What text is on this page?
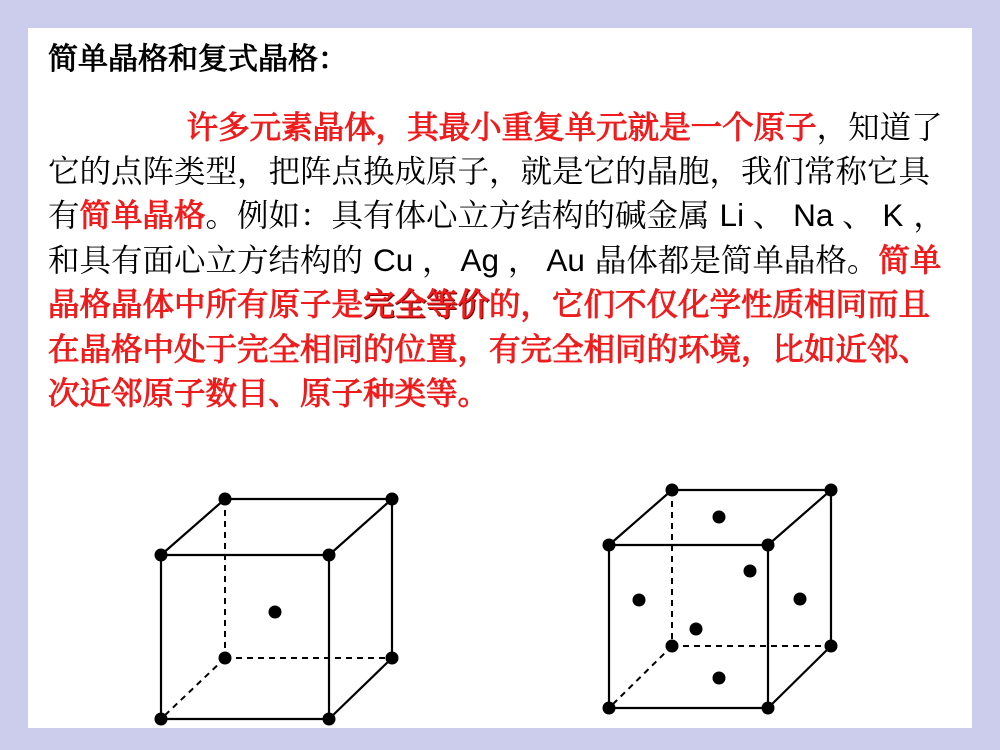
简单晶格和复式晶格：
许多元素晶体，其最小重复单元就是一个原子，知道了它的点阵类型，把阵点换成原子，就是它的晶胞，我们常称它具有简单晶格。例如：具有体心立方结构的碱金属 Li 、 Na 、 K ，和具有面心立方结构的 Cu ， Ag ， Au 晶体都是简单晶格。简单晶格晶体中所有原子是完全等价的，它们不仅化学性质相同而且在晶格中处于完全相同的位置，有完全相同的环境，比如近邻、次近邻原子数目、原子种类等。
